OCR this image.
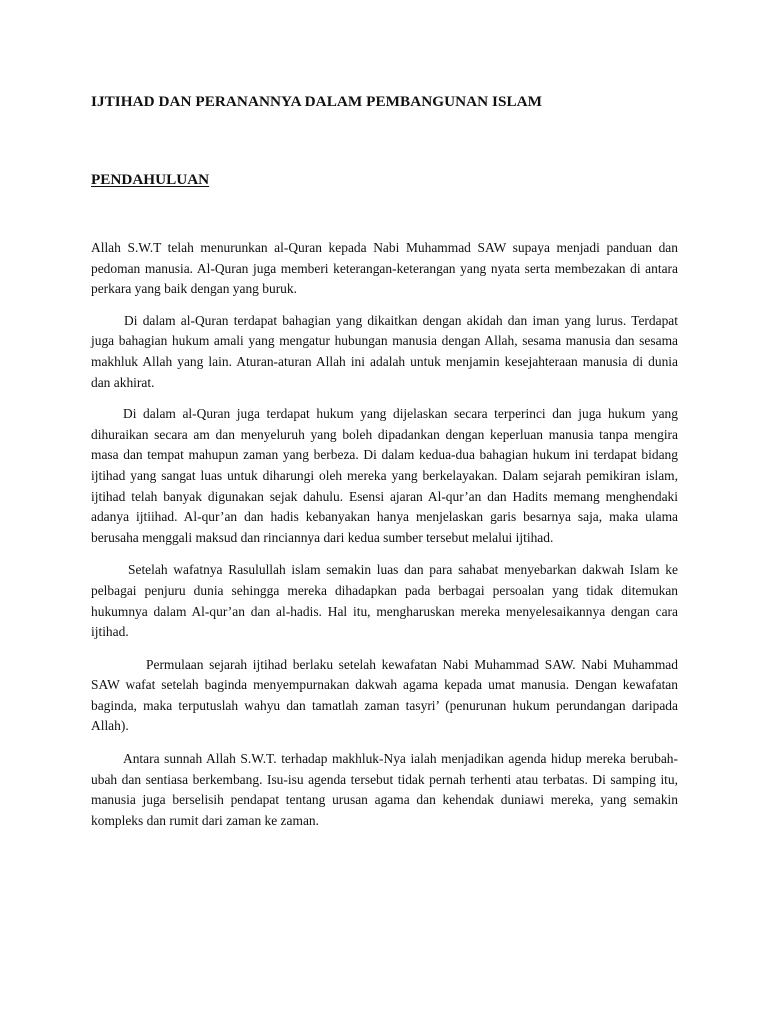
IJTIHAD DAN PERANANNYA DALAM PEMBANGUNAN ISLAM

PENDAHULUAN

Allah S.W.T telah menurunkan al-Quran kepada Nabi Muhammad SAW supaya menjadi panduan dan pedoman manusia. Al-Quran juga memberi keterangan-keterangan yang nyata serta membezakan di antara perkara yang baik dengan yang buruk.

Di dalam al-Quran terdapat bahagian yang dikaitkan dengan akidah dan iman yang lurus. Terdapat juga bahagian hukum amali yang mengatur hubungan manusia dengan Allah, sesama manusia dan sesama makhluk Allah yang lain. Aturan-aturan Allah ini adalah untuk menjamin kesejahteraan manusia di dunia dan akhirat.

Di dalam al-Quran juga terdapat hukum yang dijelaskan secara terperinci dan juga hukum yang dihuraikan secara am dan menyeluruh yang boleh dipadankan dengan keperluan manusia tanpa mengira masa dan tempat mahupun zaman yang berbeza. Di dalam kedua-dua bahagian hukum ini terdapat bidang ijtihad yang sangat luas untuk diharungi oleh mereka yang berkelayakan. Dalam sejarah pemikiran islam, ijtihad telah banyak digunakan sejak dahulu. Esensi ajaran Al-qur’an dan Hadits memang menghendaki adanya ijtiihad. Al-qur’an dan hadis kebanyakan hanya menjelaskan garis besarnya saja, maka ulama berusaha menggali maksud dan rinciannya dari kedua sumber tersebut melalui ijtihad.

Setelah wafatnya Rasulullah islam semakin luas dan para sahabat menyebarkan dakwah Islam ke pelbagai penjuru dunia sehingga mereka dihadapkan pada berbagai persoalan yang tidak ditemukan hukumnya dalam Al-qur’an dan al-hadis. Hal itu, mengharuskan mereka menyelesaikannya dengan cara ijtihad.

Permulaan sejarah ijtihad berlaku setelah kewafatan Nabi Muhammad SAW. Nabi Muhammad SAW wafat setelah baginda menyempurnakan dakwah agama kepada umat manusia. Dengan kewafatan baginda, maka terputuslah wahyu dan tamatlah zaman tasyri’ (penurunan hukum perundangan daripada Allah).

Antara sunnah Allah S.W.T. terhadap makhluk-Nya ialah menjadikan agenda hidup mereka berubah-ubah dan sentiasa berkembang. Isu-isu agenda tersebut tidak pernah terhenti atau terbatas. Di samping itu, manusia juga berselisih pendapat tentang urusan agama dan kehendak duniawi mereka, yang semakin kompleks dan rumit dari zaman ke zaman.
